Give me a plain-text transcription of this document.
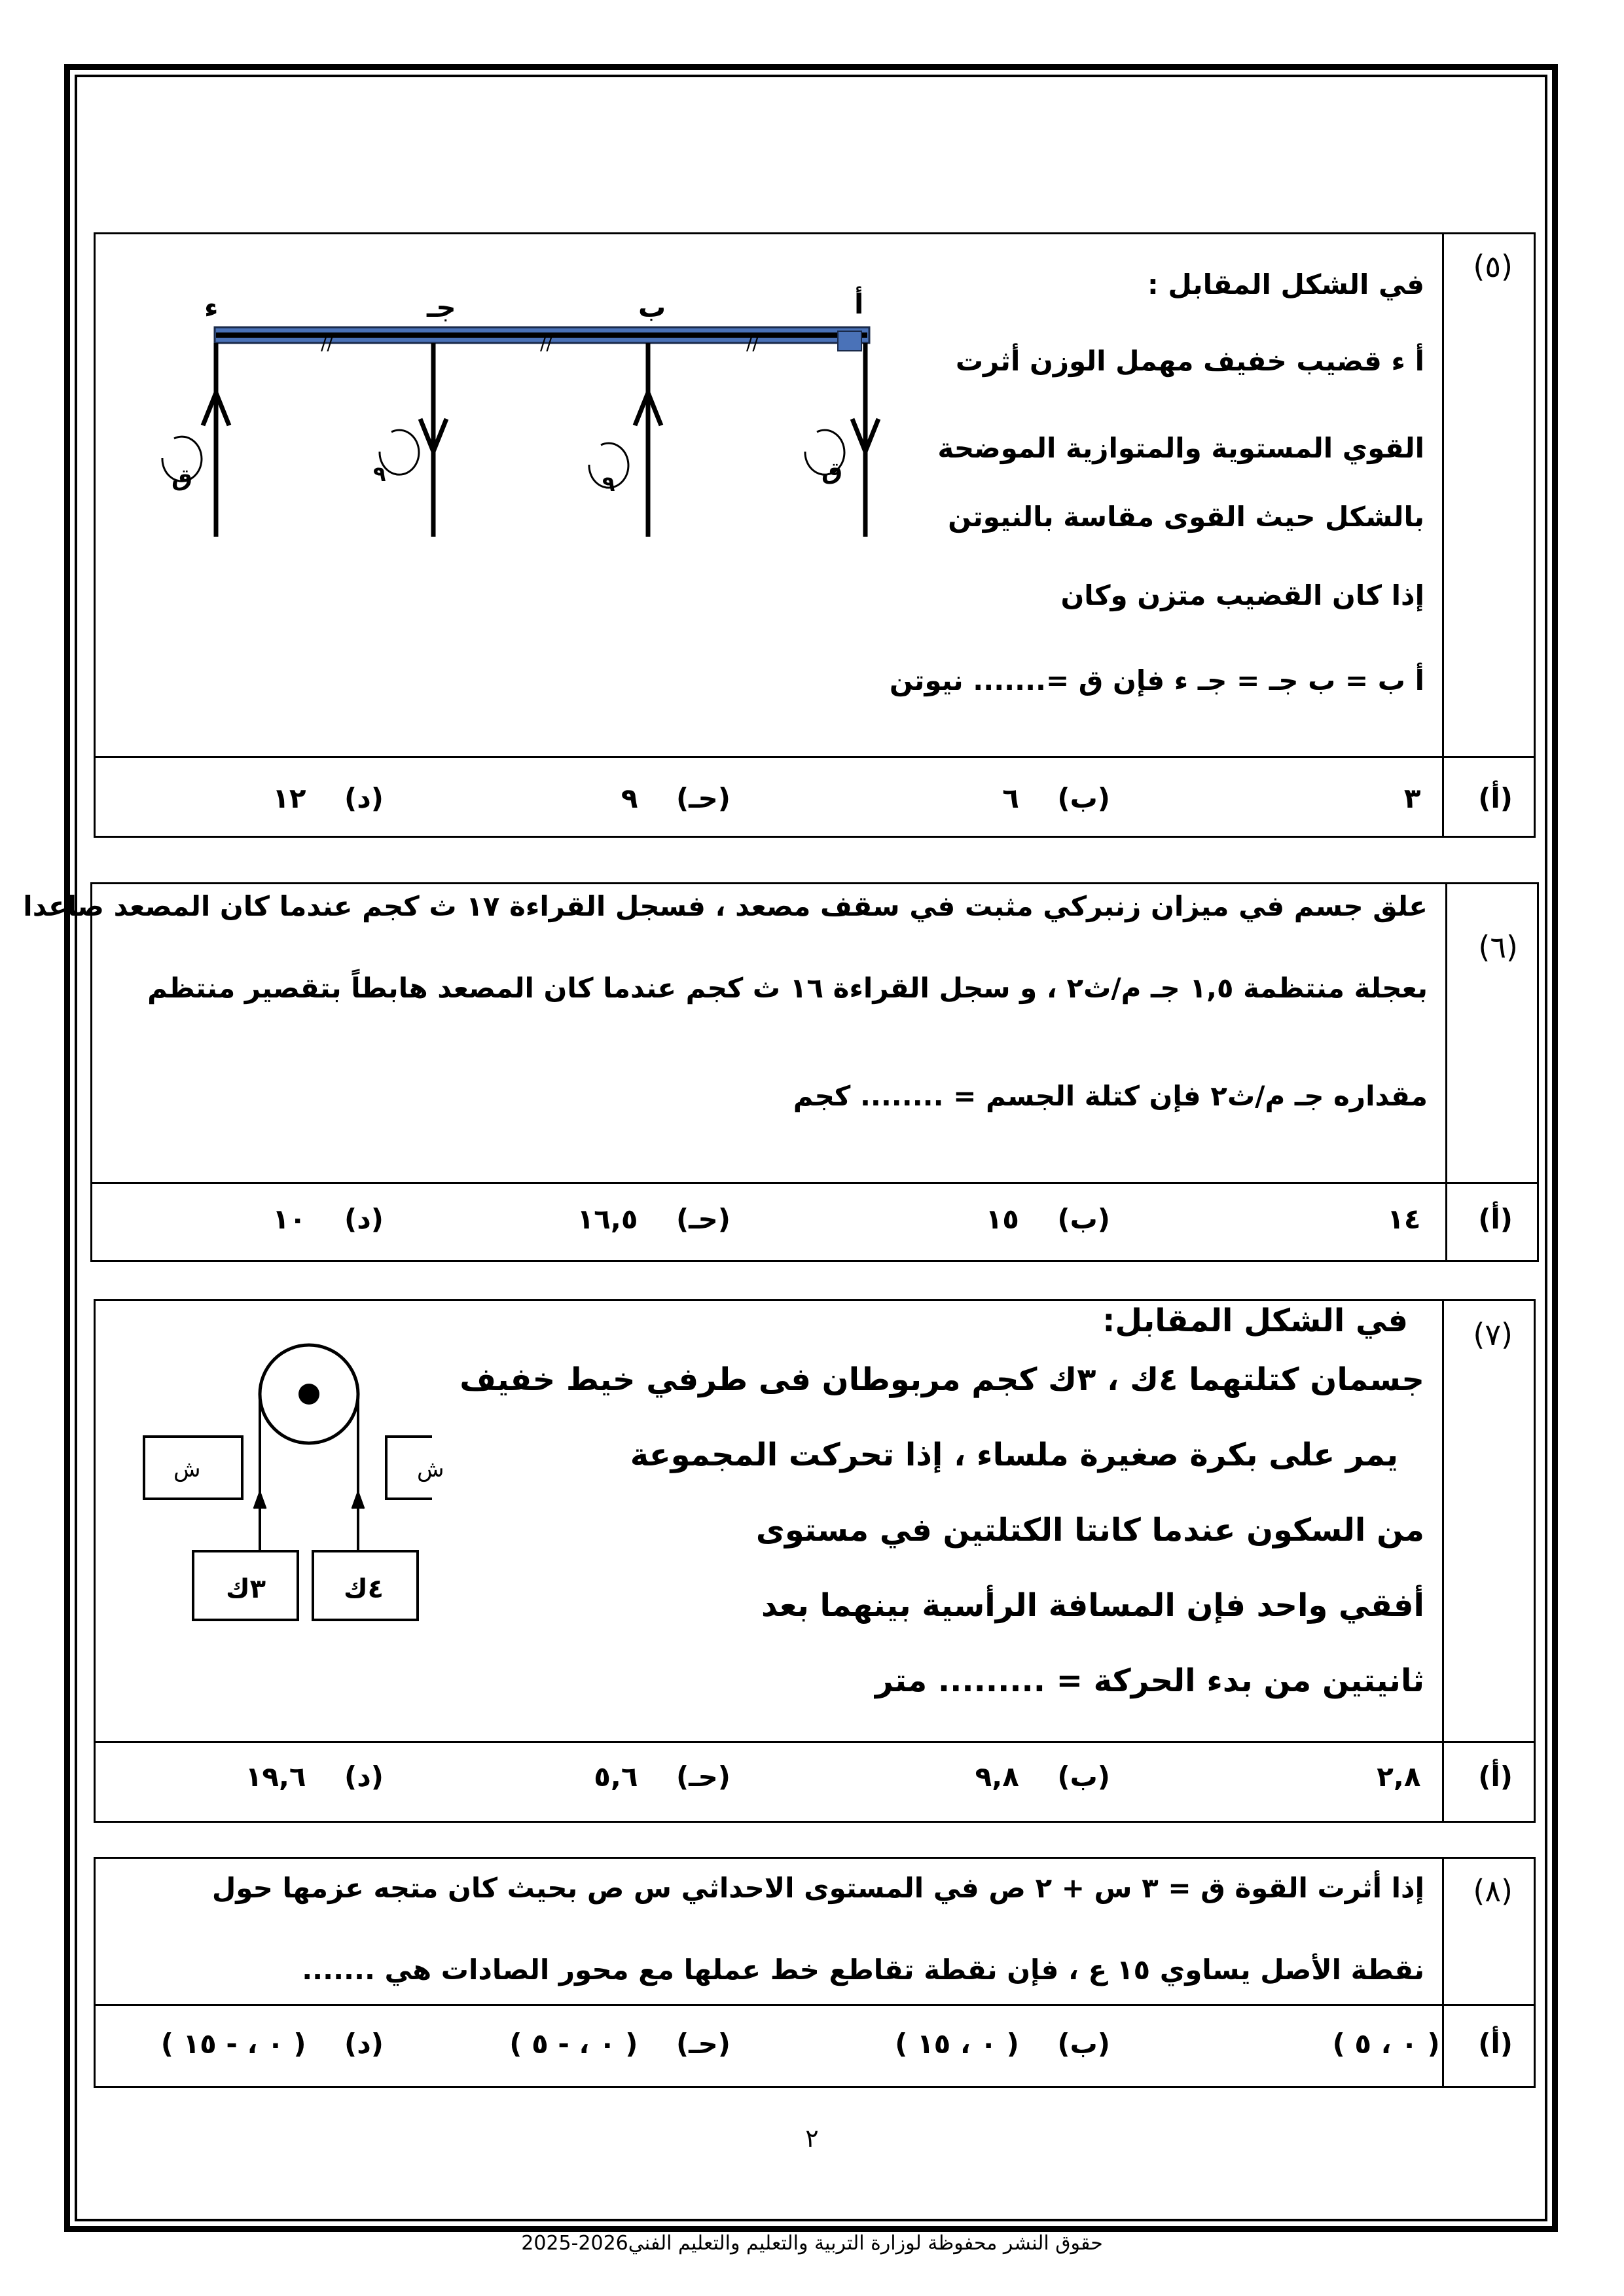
(٥)
في الشكل المقابل :
أ ء قضيب خفيف مهمل الوزن أثرت
القوي المستوية والمتوازية الموضحة
بالشكل حيث القوى مقاسة بالنيوتن
إذا كان القضيب متزن وكان
أ ب = ب جـ = جـ ء فإن ق =....... نيوتن
ء	جـ	ب	أ
//	//	//
ق	٩	٩	ق
(أ)      ٣
(ب)    ٦
(حـ)    ٩
(د)    ١٢
(٦)
علق جسم في ميزان زنبركي مثبت في سقف مصعد ، فسجل القراءة ١٧ ث كجم عندما كان المصعد صاعدا
بعجلة منتظمة ١,٥ جـ م/ث٢ ، و سجل القراءة ١٦ ث كجم عندما كان المصعد هابطاً بتقصير منتظم
مقداره جـ م/ث٢ فإن كتلة الجسم = ........ كجم
(أ)      ١٤
(ب)    ١٥
(حـ)    ١٦,٥
(د)    ١٠
(٧)
في الشكل المقابل:
جسمان كتلتهما ٤ك ، ٣ك كجم مربوطان فى طرفي خيط خفيف
يمر على بكرة صغيرة ملساء ، إذا تحركت المجموعة
من السكون عندما كانتا الكتلتين في مستوى
أفقي واحد فإن المسافة الرأسية بينهما بعد
ثانيتين من بدء الحركة = ......... متر
ش	ش
٣ك	٤ك
(أ)      ٢,٨
(ب)    ٩,٨
(حـ)    ٥,٦
(د)    ١٩,٦
(٨)
إذا أثرت القوة ق = ٣ س + ٢ ص في المستوى الاحداثي س ص بحيث كان متجه عزمها حول
نقطة الأصل يساوي ١٥ ع ، فإن نقطة تقاطع خط عملها مع محور الصادات هي .......
(أ)    ( ٠ ، ٥ )
(ب)    ( ٠ ، ١٥ )
(حـ)    ( ٠ ، - ٥ )
(د)    ( ٠ ، - ١٥ )
٢
حقوق النشر محفوظة لوزارة التربية والتعليم والتعليم الفني2026-2025
